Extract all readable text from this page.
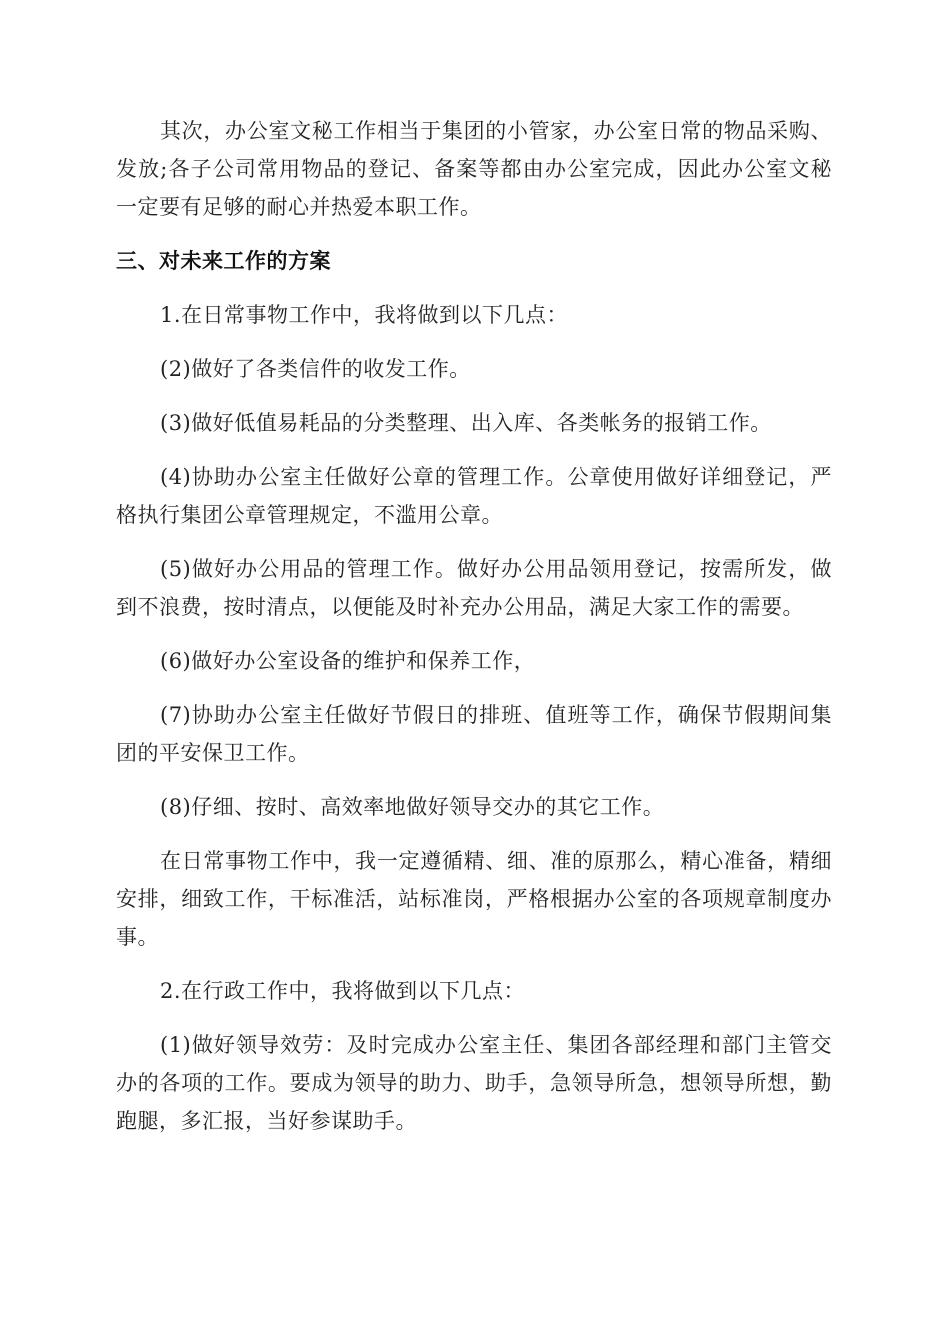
其次，办公室文秘工作相当于集团的小管家，办公室日常的物品采购、发放;各子公司常用物品的登记、备案等都由办公室完成，因此办公室文秘一定要有足够的耐心并热爱本职工作。

三、对未来工作的方案

1.在日常事物工作中，我将做到以下几点：

(2)做好了各类信件的收发工作。

(3)做好低值易耗品的分类整理、出入库、各类帐务的报销工作。

(4)协助办公室主任做好公章的管理工作。公章使用做好详细登记，严格执行集团公章管理规定，不滥用公章。

(5)做好办公用品的管理工作。做好办公用品领用登记，按需所发，做到不浪费，按时清点，以便能及时补充办公用品，满足大家工作的需要。

(6)做好办公室设备的维护和保养工作，

(7)协助办公室主任做好节假日的排班、值班等工作，确保节假期间集团的平安保卫工作。

(8)仔细、按时、高效率地做好领导交办的其它工作。

在日常事物工作中，我一定遵循精、细、准的原那么，精心准备，精细安排，细致工作，干标准活，站标准岗，严格根据办公室的各项规章制度办事。

2.在行政工作中，我将做到以下几点：

(1)做好领导效劳：及时完成办公室主任、集团各部经理和部门主管交办的各项的工作。要成为领导的助力、助手，急领导所急，想领导所想，勤跑腿，多汇报，当好参谋助手。
